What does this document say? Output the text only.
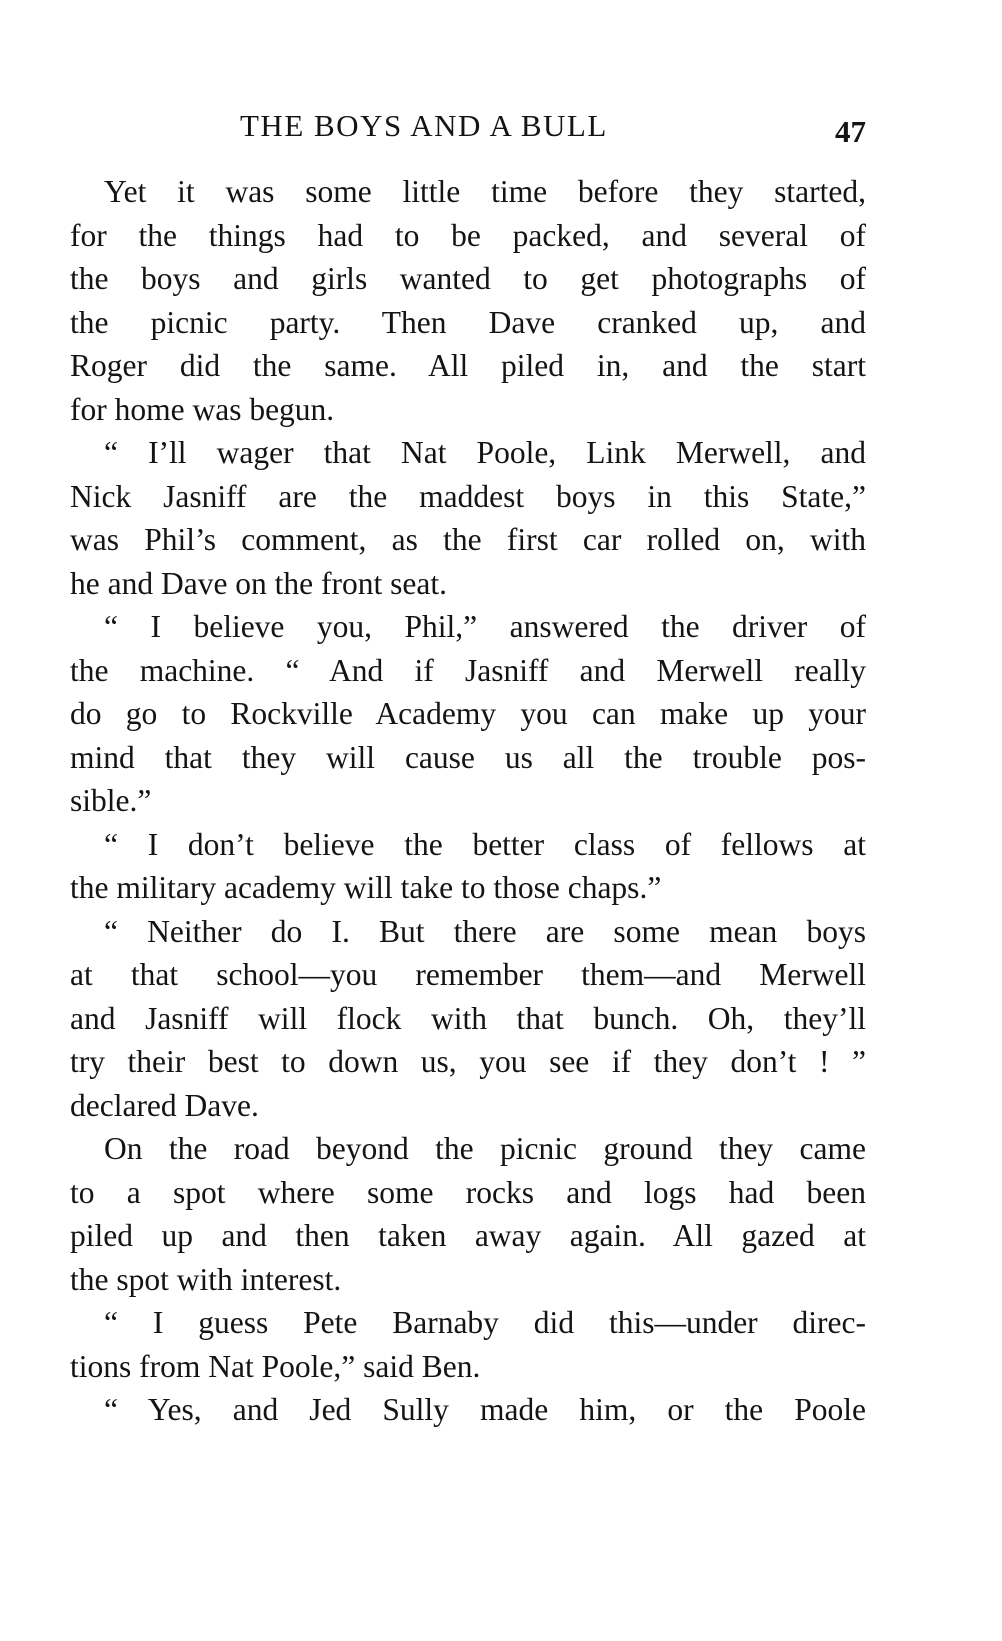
THE BOYS AND A BULL	47
Yet it was some little time before they started,
for the things had to be packed, and several of
the boys and girls wanted to get photographs of
the picnic party. Then Dave cranked up, and
Roger did the same. All piled in, and the start
for home was begun.
“ I’ll wager that Nat Poole, Link Merwell, and
Nick Jasniff are the maddest boys in this State,”
was Phil’s comment, as the first car rolled on, with
he and Dave on the front seat.
“ I believe you, Phil,” answered the driver of
the machine. “ And if Jasniff and Merwell really
do go to Rockville Academy you can make up your
mind that they will cause us all the trouble pos-
sible.”
“ I don’t believe the better class of fellows at
the military academy will take to those chaps.”
“ Neither do I. But there are some mean boys
at that school—you remember them—and Merwell
and Jasniff will flock with that bunch. Oh, they’ll
try their best to down us, you see if they don’t ! ”
declared Dave.
On the road beyond the picnic ground they came
to a spot where some rocks and logs had been
piled up and then taken away again. All gazed at
the spot with interest.
“ I guess Pete Barnaby did this—under direc-
tions from Nat Poole,” said Ben.
“ Yes, and Jed Sully made him, or the Poole
